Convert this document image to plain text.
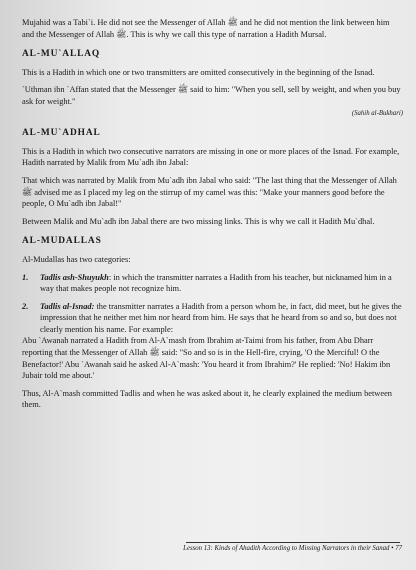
Mujahid was a Tabi`i. He did not see the Messenger of Allah ﷺ and he did not mention the link between him and the Messenger of Allah ﷺ. This is why we call this type of narration a Hadith Mursal.

AL-MU`ALLAQ

This is a Hadith in which one or two transmitters are omitted consecutively in the beginning of the Isnad.

`Uthman ibn `Affan stated that the Messenger ﷺ said to him: "When you sell, sell by weight, and when you buy ask for weight."

(Sahih al-Bukhari)

AL-MU`ADHAL

This is a Hadith in which two consecutive narrators are missing in one or more places of the Isnad. For example, Hadith narrated by Malik from Mu`adh ibn Jabal:

That which was narrated by Malik from Mu`adh ibn Jabal who said: "The last thing that the Messenger of Allah ﷺ advised me as I placed my leg on the stirrup of my camel was this: "Make your manners good before the people, O Mu`adh ibn Jabal!"

Between Malik and Mu`adh ibn Jabal there are two missing links. This is why we call it Hadith Mu`dhal.

AL-MUDALLAS

Al-Mudallas has two categories:

1. Tadlis ash-Shuyukh: in which the transmitter narrates a Hadith from his teacher, but nicknamed him in a way that makes people not recognize him.
2. Tadlis al-Isnad: the transmitter narrates a Hadith from a person whom he, in fact, did meet, but he gives the impression that he neither met him nor heard from him. He says that he heard from so and so, but does not clearly mention his name. For example:

Abu `Awanah narrated a Hadith from Al-A`mash from Ibrahim at-Taimi from his father, from Abu Dharr reporting that the Messenger of Allah ﷺ said: "So and so is in the Hell-fire, crying, 'O the Merciful! O the Benefactor!' Abu `Awanah said he asked Al-A`mash: 'You heard it from Ibrahim?' He replied: 'No! Hakim ibn Jubair told me about.'

Thus, Al-A`mash committed Tadlis and when he was asked about it, he clearly explained the medium between them.

Lesson 13: Kinds of Ahadith According to Missing Narrators in their Sanad • 77
